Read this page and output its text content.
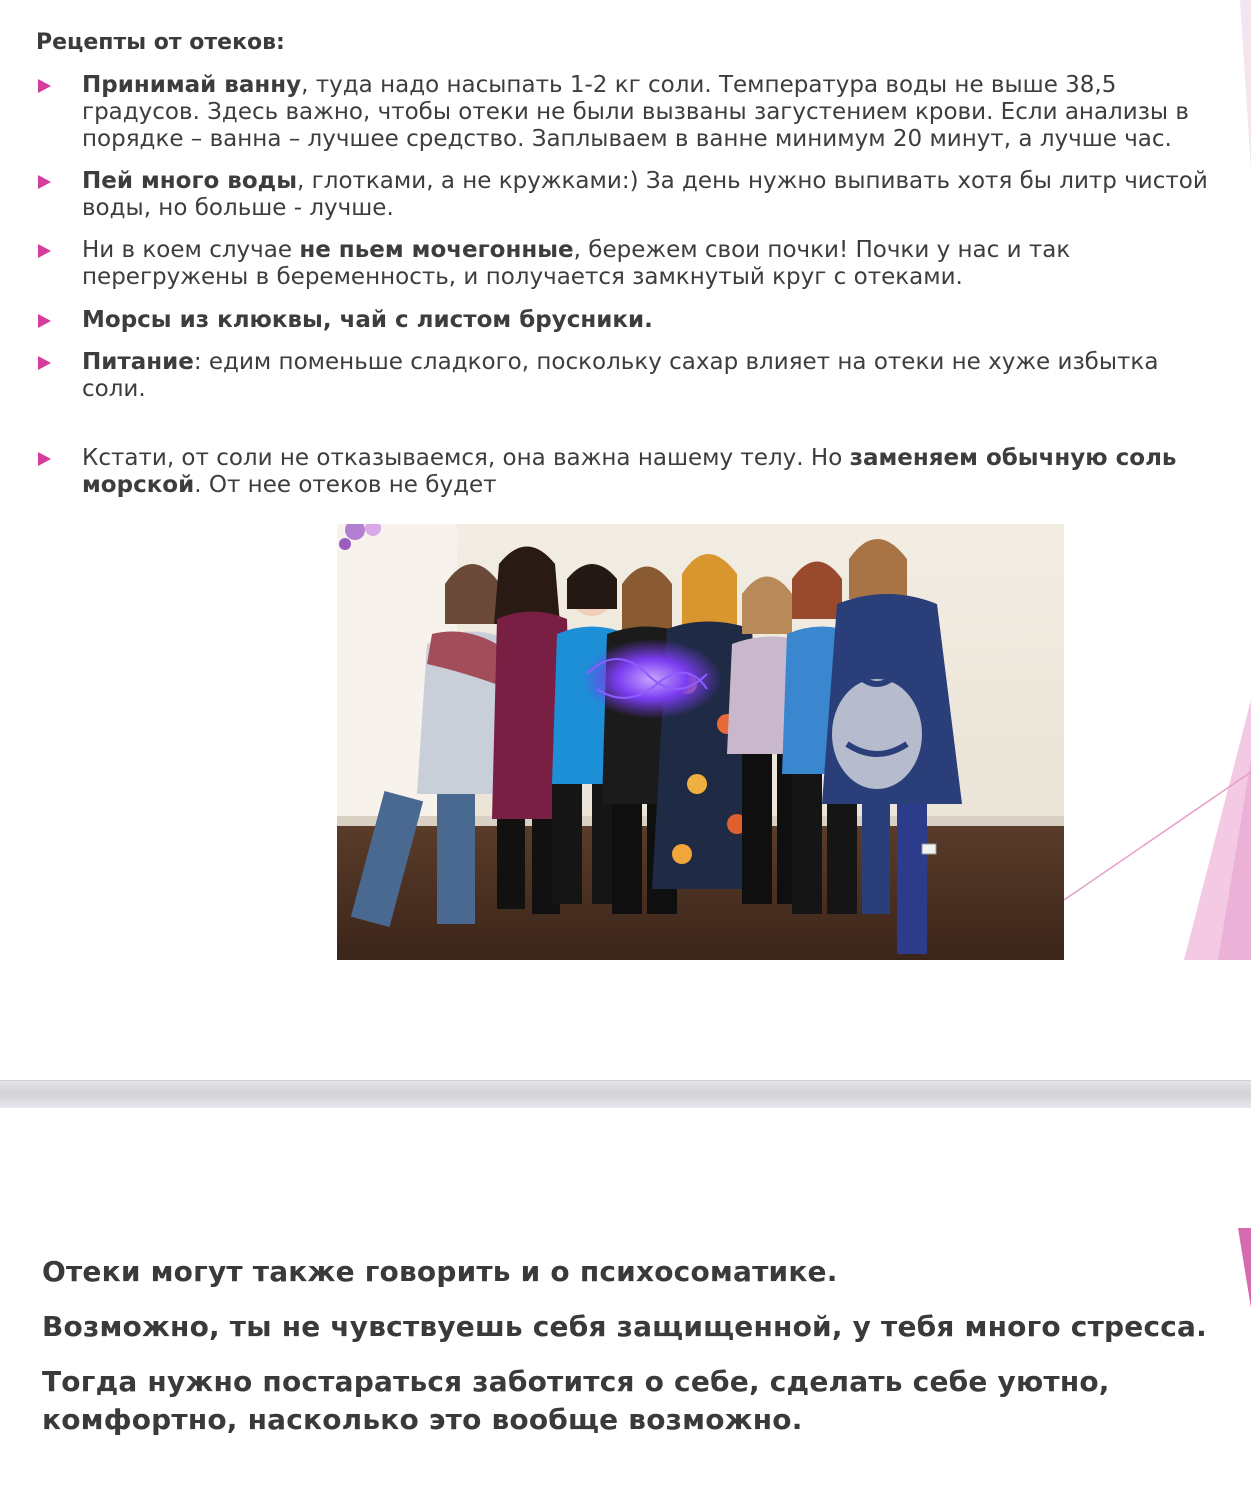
Рецепты от отеков:
Принимай ванну, туда надо насыпать 1-2 кг соли. Температура воды не выше 38,5 градусов. Здесь важно, чтобы отеки не были вызваны загустением крови. Если анализы в порядке – ванна – лучшее средство. Заплываем в ванне минимум 20 минут, а лучше час.
Пей много воды, глотками, а не кружками:) За день нужно выпивать хотя бы литр чистой воды, но больше - лучше.
Ни в коем случае не пьем мочегонные, бережем свои почки! Почки у нас и так перегружены в беременность, и получается замкнутый круг с отеками.
Морсы из клюквы, чай с листом брусники.
Питание: едим поменьше сладкого, поскольку сахар влияет на отеки не хуже избытка соли.
Кстати, от соли не отказываемся, она важна нашему телу. Но заменяем обычную соль морской. От нее отеков не будет

Отеки могут также говорить и о психосоматике.

Возможно, ты не чувствуешь себя защищенной, у тебя много стресса.

Тогда нужно постараться заботится о себе, сделать себе уютно, комфортно, насколько это вообще возможно.
